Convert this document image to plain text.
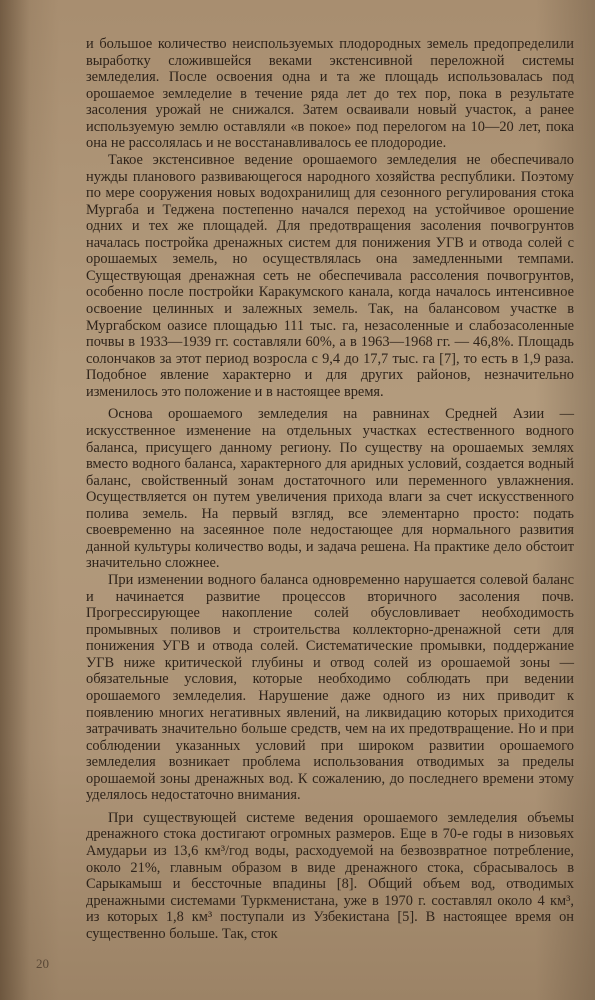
и большое количество неиспользуемых плодородных земель предопределили выработку сложившейся веками экстенсивной переложной системы земледелия. После освоения одна и та же площадь использовалась под орошаемое земледелие в течение ряда лет до тех пор, пока в результате засоления урожай не снижался. Затем осваивали новый участок, а ранее используемую землю оставляли «в покое» под перелогом на 10—20 лет, пока она не рассолялась и не восстанавливалось ее плодородие.

Такое экстенсивное ведение орошаемого земледелия не обеспечивало нужды планового развивающегося народного хозяйства республики. Поэтому по мере сооружения новых водохранилищ для сезонного регулирования стока Мургаба и Теджена постепенно начался переход на устойчивое орошение одних и тех же площадей. Для предотвращения засоления почвогрунтов началась постройка дренажных систем для понижения УГВ и отвода солей с орошаемых земель, но осуществлялась она замедленными темпами. Существующая дренажная сеть не обеспечивала рассоления почвогрунтов, особенно после постройки Каракумского канала, когда началось интенсивное освоение целинных и залежных земель. Так, на балансовом участке в Мургабском оазисе площадью 111 тыс. га, незасоленные и слабозасоленные почвы в 1933—1939 гг. составляли 60%, а в 1963—1968 гг. — 46,8%. Площадь солончаков за этот период возросла с 9,4 до 17,7 тыс. га [7], то есть в 1,9 раза. Подобное явление характерно и для других районов, незначительно изменилось это положение и в настоящее время.

Основа орошаемого земледелия на равнинах Средней Азии — искусственное изменение на отдельных участках естественного водного баланса, присущего данному региону. По существу на орошаемых землях вместо водного баланса, характерного для аридных условий, создается водный баланс, свойственный зонам достаточного или переменного увлажнения. Осуществляется он путем увеличения прихода влаги за счет искусственного полива земель. На первый взгляд, все элементарно просто: подать своевременно на засеянное поле недостающее для нормального развития данной культуры количество воды, и задача решена. На практике дело обстоит значительно сложнее.

При изменении водного баланса одновременно нарушается солевой баланс и начинается развитие процессов вторичного засоления почв. Прогрессирующее накопление солей обусловливает необходимость промывных поливов и строительства коллекторно-дренажной сети для понижения УГВ и отвода солей. Систематические промывки, поддержание УГВ ниже критической глубины и отвод солей из орошаемой зоны — обязательные условия, которые необходимо соблюдать при ведении орошаемого земледелия. Нарушение даже одного из них приводит к появлению многих негативных явлений, на ликвидацию которых приходится затрачивать значительно больше средств, чем на их предотвращение. Но и при соблюдении указанных условий при широком развитии орошаемого земледелия возникает проблема использования отводимых за пределы орошаемой зоны дренажных вод. К сожалению, до последнего времени этому уделялось недостаточно внимания.

При существующей системе ведения орошаемого земледелия объемы дренажного стока достигают огромных размеров. Еще в 70-е годы в низовьях Амударьи из 13,6 км³/год воды, расходуемой на безвозвратное потребление, около 21%, главным образом в виде дренажного стока, сбрасывалось в Сарыкамыш и бессточные впадины [8]. Общий объем вод, отводимых дренажными системами Туркменистана, уже в 1970 г. составлял около 4 км³, из которых 1,8 км³ поступали из Узбекистана [5]. В настоящее время он существенно больше. Так, сток

20
